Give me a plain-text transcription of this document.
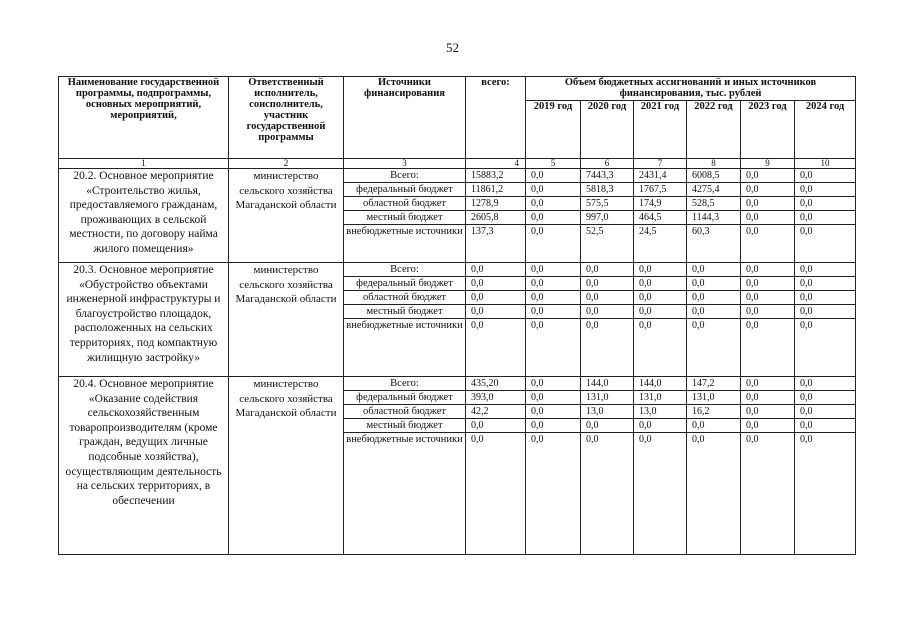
52
Наименование государственной программы, подпрограммы, основных мероприятий, мероприятий,	Ответственный исполнитель, соисполнитель, участник государственной программы	Источники финансирования	всего:	Объем бюджетных ассигнований и иных источников финансирования, тыс. рублей					
				2019 год	2020 год	2021 год	2022 год	2023 год	2024 год
1	2	3	4	5	6	7	8	9	10
20.2. Основное мероприятие «Строительство жилья, предоставляемого гражданам, проживающих в сельской местности, по договору найма жилого помещения»	министерство сельского хозяйства Магаданской области	Всего:	15883,2	0,0	7443,3	2431,4	6008,5	0,0	0,0
		федеральный бюджет	11861,2	0,0	5818,3	1767,5	4275,4	0,0	0,0
		областной бюджет	1278,9	0,0	575,5	174,9	528,5	0,0	0,0
		местный бюджет	2605,8	0,0	997,0	464,5	1144,3	0,0	0,0
		внебюджетные источники	137,3	0,0	52,5	24,5	60,3	0,0	0,0
20.3. Основное мероприятие «Обустройство объектами инженерной инфраструктуры и благоустройство площадок, расположенных на сельских территориях, под компактную жилищную застройку»	министерство сельского хозяйства Магаданской области	Всего:	0,0	0,0	0,0	0,0	0,0	0,0	0,0
		федеральный бюджет	0,0	0,0	0,0	0,0	0,0	0,0	0,0
		областной бюджет	0,0	0,0	0,0	0,0	0,0	0,0	0,0
		местный бюджет	0,0	0,0	0,0	0,0	0,0	0,0	0,0
		внебюджетные источники	0,0	0,0	0,0	0,0	0,0	0,0	0,0
20.4. Основное мероприятие «Оказание содействия сельскохозяйственным товаропроизводителям (кроме граждан, ведущих личные подсобные хозяйства), осуществляющим деятельность на сельских территориях, в обеспечении	министерство сельского хозяйства Магаданской области	Всего:	435,20	0,0	144,0	144,0	147,2	0,0	0,0
		федеральный бюджет	393,0	0,0	131,0	131,0	131,0	0,0	0,0
		областной бюджет	42,2	0,0	13,0	13,0	16,2	0,0	0,0
		местный бюджет	0,0	0,0	0,0	0,0	0,0	0,0	0,0
		внебюджетные источники	0,0	0,0	0,0	0,0	0,0	0,0	0,0
